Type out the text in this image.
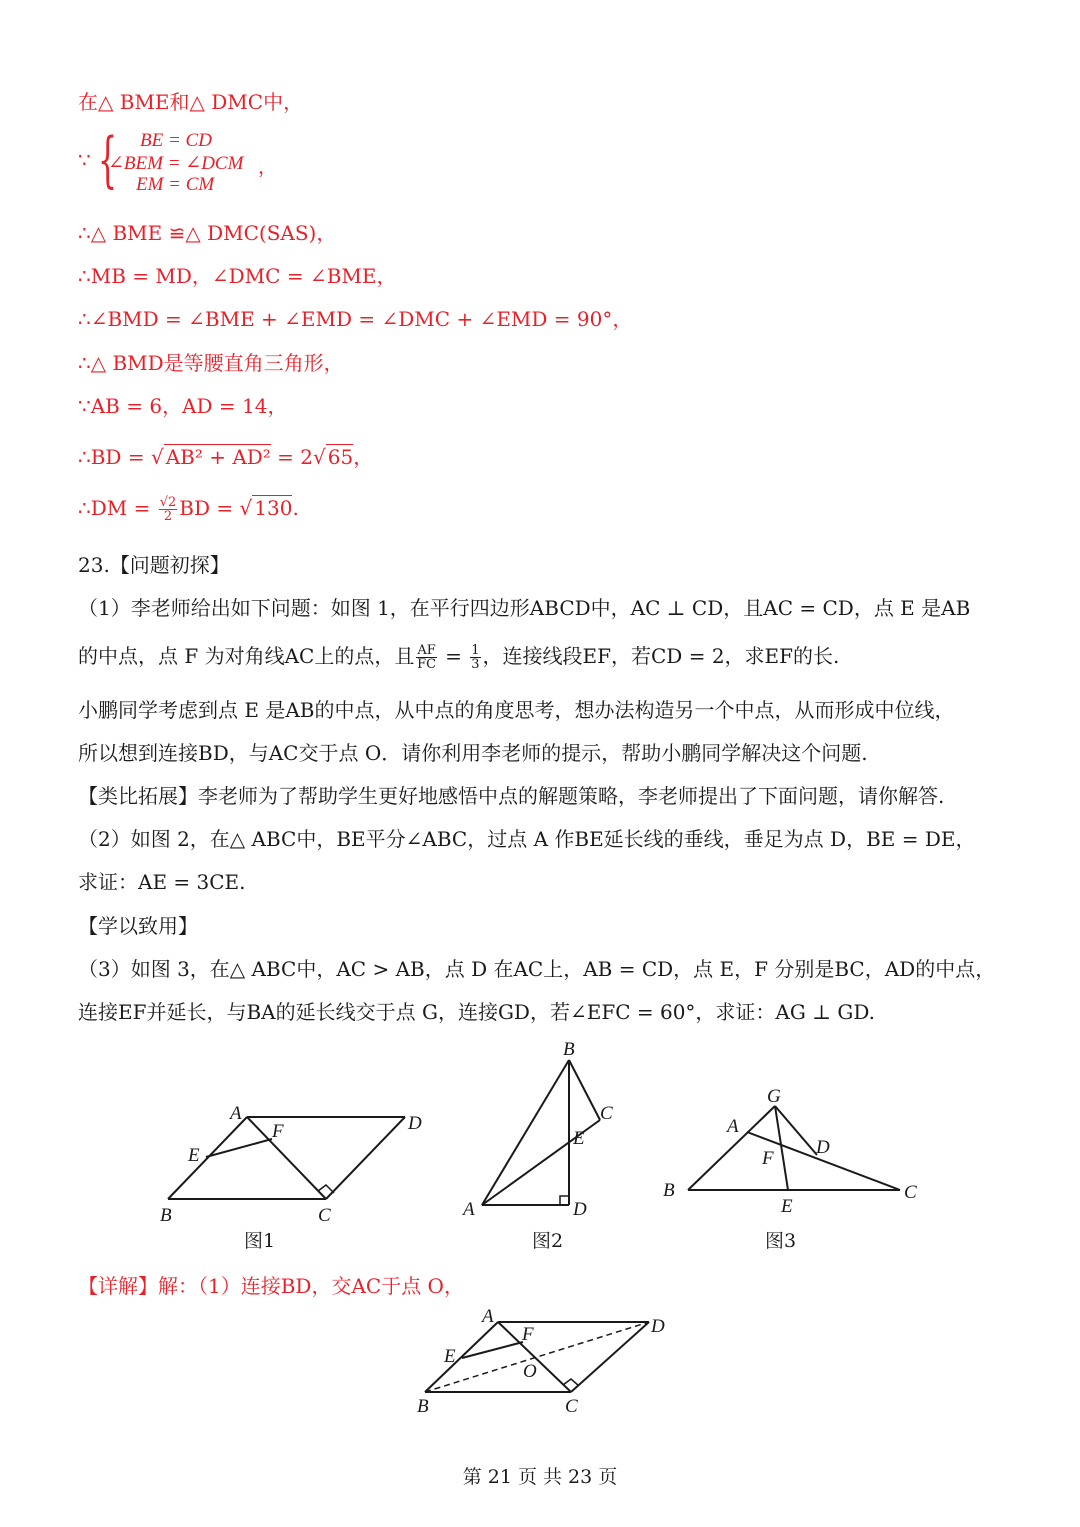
在△ BME和△ DMC中，
∵ { BE = CD
∠BEM = ∠DCM ，
EM = CM
∴△ BME ≌△ DMC(SAS)，
∴MB = MD，∠DMC = ∠BME，
∴∠BMD = ∠BME + ∠EMD = ∠DMC + ∠EMD = 90°，
∴△ BMD是等腰直角三角形，
∵AB = 6，AD = 14，
∴BD = √ AB² + AD² = 2√ 65，
∴DM = $\frac{√2}{2}$ BD = √ 130.
23.【问题初探】
（1）李老师给出如下问题：如图 1，在平行四边形ABCD中，AC ⊥ CD，且AC = CD，点 E 是AB
的中点，点 F 为对角线AC上的点，且 $\frac{AF}{FC} = \frac{1}{3}$ ，连接线段EF，若CD = 2，求EF的长.
小鹏同学考虑到点 E 是AB的中点，从中点的角度思考，想办法构造另一个中点，从而形成中位线，
所以想到连接BD，与AC交于点 O．请你利用李老师的提示，帮助小鹏同学解决这个问题.
【类比拓展】李老师为了帮助学生更好地感悟中点的解题策略，李老师提出了下面问题，请你解答.
（2）如图 2，在△ ABC中，BE平分∠ABC，过点 A 作BE延长线的垂线，垂足为点 D，BE = DE，
求证：AE = 3CE.
【学以致用】
（3）如图 3，在△ ABC中，AC > AB，点 D 在AC上，AB = CD，点 E，F 分别是BC，AD的中点，
连接EF并延长，与BA的延长线交于点 G，连接GD，若∠EFC = 60°，求证：AG ⊥ GD.
A
F	D
E
B	C
图1
B
C
E
A	D
图2
G
A
D
F
B
E
C
图3
【详解】解：（1）连接BD，交AC于点 O，
A
F	D
E
O
B	C
第 21 页 共 23 页
